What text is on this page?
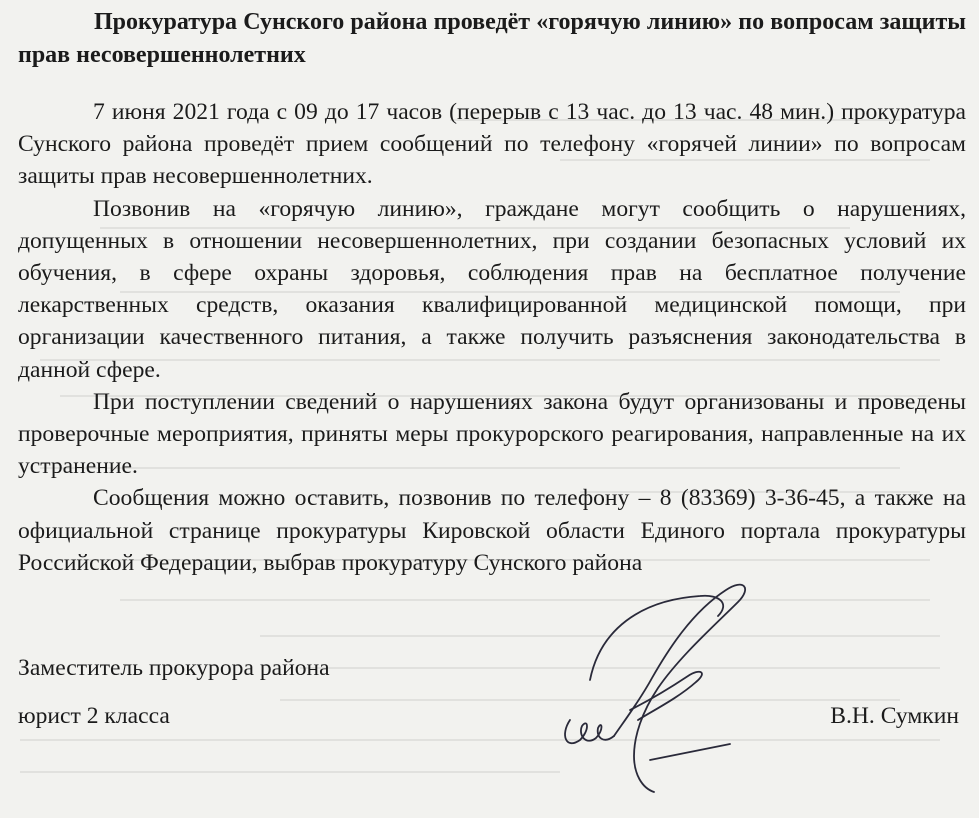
Прокуратура Сунского района проведёт «горячую линию» по вопросам защиты прав несовершеннолетних

7 июня 2021 года с 09 до 17 часов (перерыв с 13 час. до 13 час. 48 мин.) прокуратура Сунского района проведёт прием сообщений по телефону «горячей линии» по вопросам защиты прав несовершеннолетних.

Позвонив на «горячую линию», граждане могут сообщить о нарушениях, допущенных в отношении несовершеннолетних, при создании безопасных условий их обучения, в сфере охраны здоровья, соблюдения прав на бесплатное получение лекарственных средств, оказания квалифицированной медицинской помощи, при организации качественного питания, а также получить разъяснения законодательства в данной сфере.

При поступлении сведений о нарушениях закона будут организованы и проведены проверочные мероприятия, приняты меры прокурорского реагирования, направленные на их устранение.

Сообщения можно оставить, позвонив по телефону – 8 (83369) 3-36-45, а также на официальной странице прокуратуры Кировской области Единого портала прокуратуры Российской Федерации, выбрав прокуратуру Сунского района

Заместитель прокурора района
юрист 2 класса	В.Н. Сумкин
